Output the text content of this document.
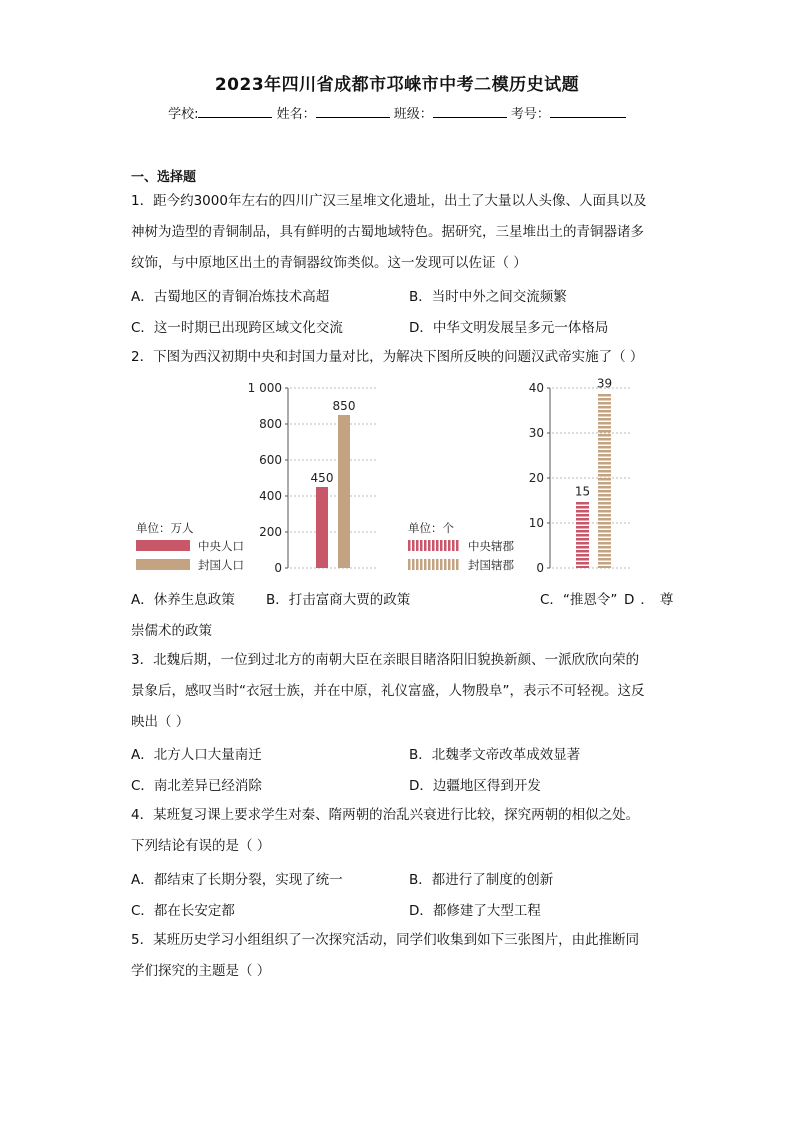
2023年四川省成都市邛崃市中考二模历史试题
学校:	姓名：	班级：	考号：
一、选择题
1．距今约3000年左右的四川广汉三星堆文化遗址，出土了大量以人头像、人面具以及
神树为造型的青铜制品，具有鲜明的古蜀地域特色。据研究，三星堆出土的青铜器诸多
纹饰，与中原地区出土的青铜器纹饰类似。这一发现可以佐证（ ）
A．古蜀地区的青铜冶炼技术高超	B．当时中外之间交流频繁
C．这一时期已出现跨区域文化交流	D．中华文明发展呈多元一体格局
2．下图为西汉初期中央和封国力量对比，为解决下图所反映的问题汉武帝实施了（ ）
0
200
400
600
800
1 000
450
850
单位：万人
中央人口
封国人口	0
10
20
30
40
15
39
单位：个
中央辖郡
封国辖郡
A．休养生息政策 B．打击富商大贾的政策	C．“推恩令” D．尊
崇儒术的政策
3．北魏后期，一位到过北方的南朝大臣在亲眼目睹洛阳旧貌换新颜、一派欣欣向荣的
景象后，感叹当时“衣冠士族，并在中原，礼仪富盛，人物殷阜”，表示不可轻视。这反
映出（ ）
A．北方人口大量南迁	B．北魏孝文帝改革成效显著
C．南北差异已经消除	D．边疆地区得到开发
4．某班复习课上要求学生对秦、隋两朝的治乱兴衰进行比较，探究两朝的相似之处。
下列结论有误的是（ ）
A．都结束了长期分裂，实现了统一	B．都进行了制度的创新
C．都在长安定都	D．都修建了大型工程
5．某班历史学习小组组织了一次探究活动，同学们收集到如下三张图片，由此推断同
学们探究的主题是（ ）
